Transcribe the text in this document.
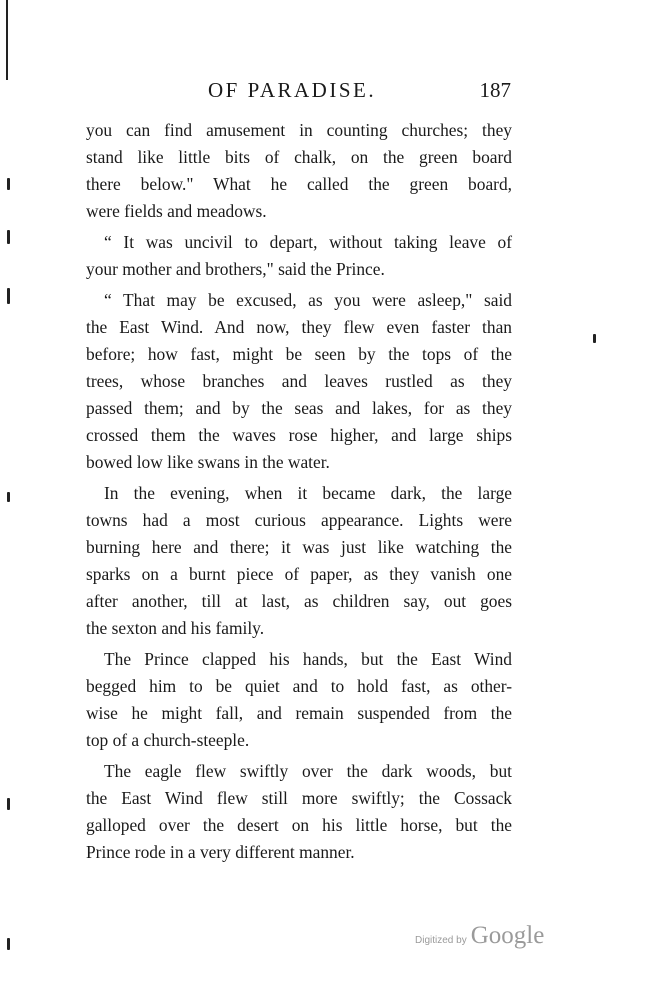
OF PARADISE.	187

you can find amusement in counting churches; they
stand like little bits of chalk, on the green board
there below." What he called the green board,
were fields and meadows.

“ It was uncivil to depart, without taking leave of
your mother and brothers," said the Prince.

“ That may be excused, as you were asleep," said
the East Wind. And now, they flew even faster than
before; how fast, might be seen by the tops of the
trees, whose branches and leaves rustled as they
passed them; and by the seas and lakes, for as they
crossed them the waves rose higher, and large ships
bowed low like swans in the water.

In the evening, when it became dark, the large
towns had a most curious appearance. Lights were
burning here and there; it was just like watching the
sparks on a burnt piece of paper, as they vanish one
after another, till at last, as children say, out goes
the sexton and his family.

The Prince clapped his hands, but the East Wind
begged him to be quiet and to hold fast, as other-
wise he might fall, and remain suspended from the
top of a church-steeple.

The eagle flew swiftly over the dark woods, but
the East Wind flew still more swiftly; the Cossack
galloped over the desert on his little horse, but the
Prince rode in a very different manner.

Digitized by Google
